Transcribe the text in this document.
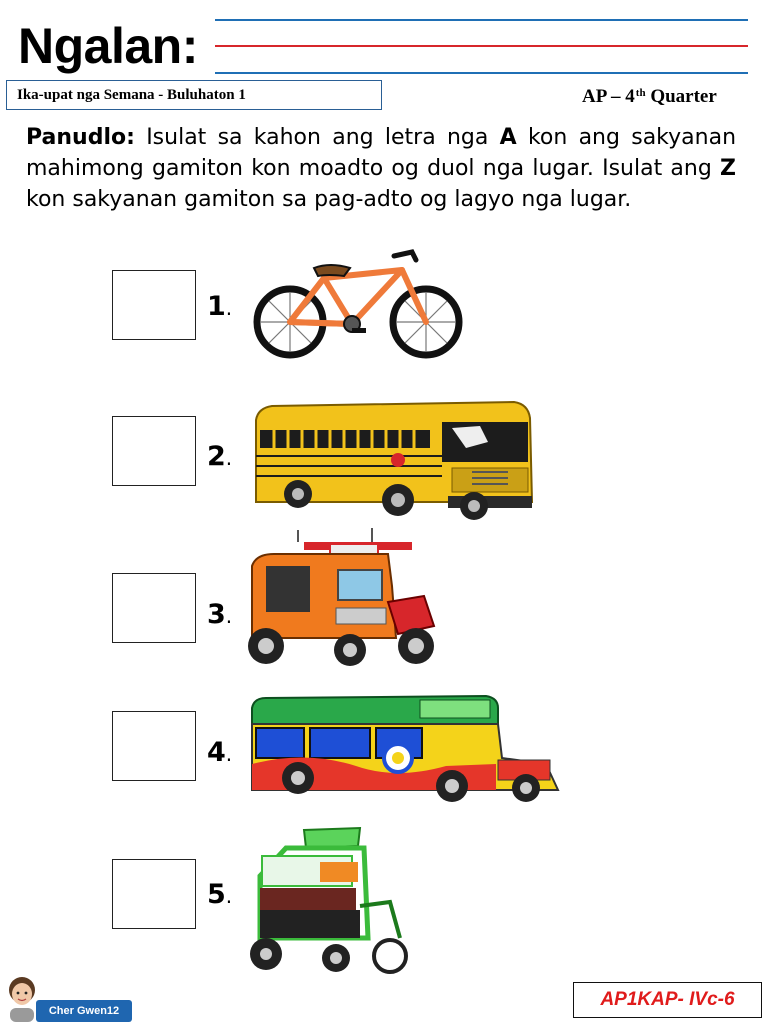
Ngalan:
Ika-upat nga Semana - Buluhaton 1	AP – 4th Quarter
Panudlo: Isulat sa kahon ang letra nga A kon ang sakyanan mahimong gamiton kon moadto og duol nga lugar. Isulat ang Z kon sakyanan gamiton sa pag-adto og lagyo nga lugar.
1.
2.
3.
4.
5.
Cher Gwen12
AP1KAP- IVc-6
